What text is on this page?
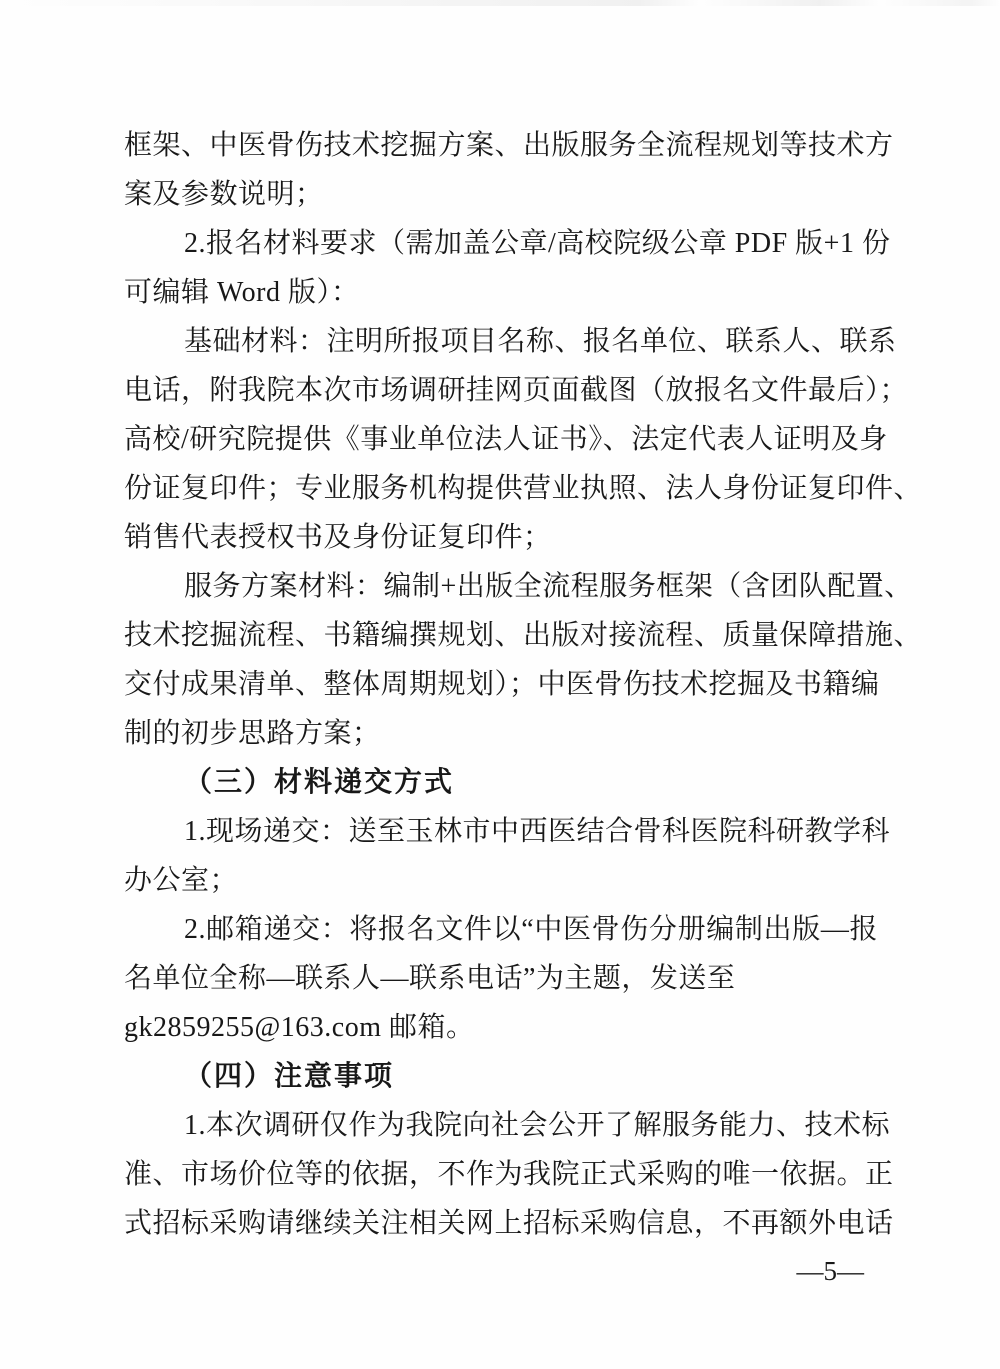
框架、中医骨伤技术挖掘方案、出版服务全流程规划等技术方
案及参数说明；
2.报名材料要求（需加盖公章/高校院级公章 PDF 版+1 份
可编辑 Word 版）：
基础材料：注明所报项目名称、报名单位、联系人、联系
电话，附我院本次市场调研挂网页面截图（放报名文件最后）；
高校/研究院提供《事业单位法人证书》、法定代表人证明及身
份证复印件；专业服务机构提供营业执照、法人身份证复印件、
销售代表授权书及身份证复印件；
服务方案材料：编制+出版全流程服务框架（含团队配置、
技术挖掘流程、书籍编撰规划、出版对接流程、质量保障措施、
交付成果清单、整体周期规划）；中医骨伤技术挖掘及书籍编
制的初步思路方案；
（三）材料递交方式
1.现场递交：送至玉林市中西医结合骨科医院科研教学科
办公室；
2.邮箱递交：将报名文件以“中医骨伤分册编制出版—报
名单位全称—联系人—联系电话”为主题，发送至
gk2859255@163.com 邮箱。
（四）注意事项
1.本次调研仅作为我院向社会公开了解服务能力、技术标
准、市场价位等的依据，不作为我院正式采购的唯一依据。正
式招标采购请继续关注相关网上招标采购信息，不再额外电话
—5—
